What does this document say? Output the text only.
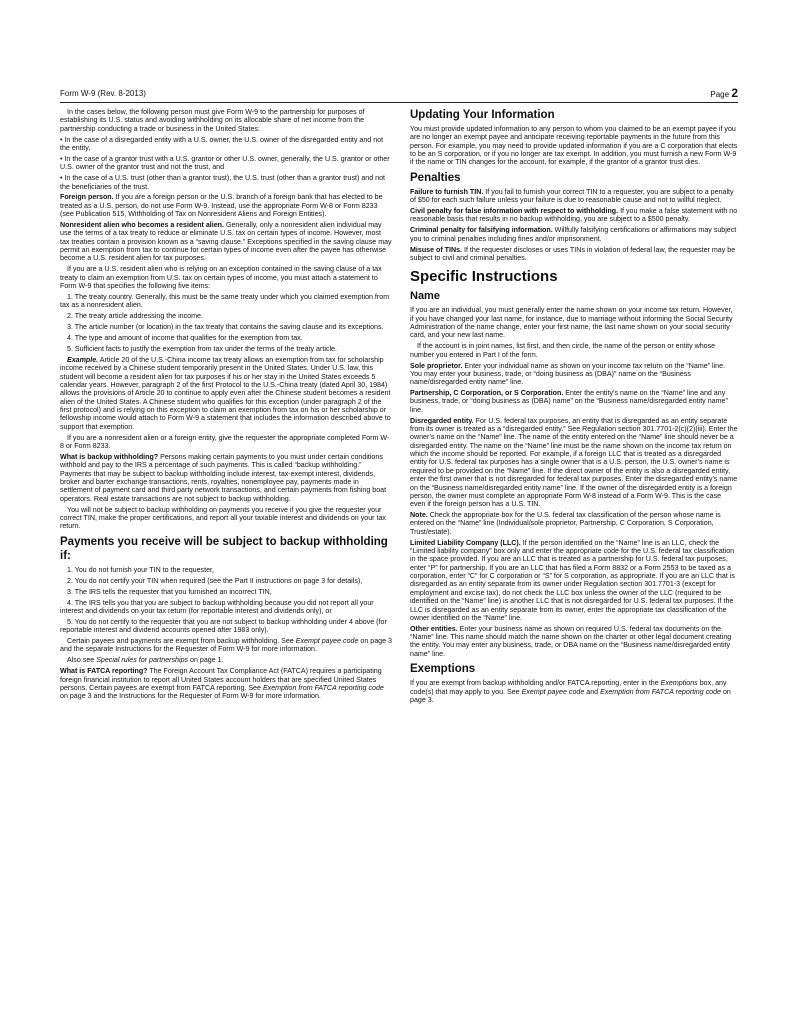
Form W-9 (Rev. 8-2013)	Page 2

In the cases below, the following person must give Form W-9 to the partnership for purposes of establishing its U.S. status and avoiding withholding on its allocable share of net income from the partnership conducting a trade or business in the United States:

• In the case of a disregarded entity with a U.S. owner, the U.S. owner of the disregarded entity and not the entity,

• In the case of a grantor trust with a U.S. grantor or other U.S. owner, generally, the U.S. grantor or other U.S. owner of the grantor trust and not the trust, and

• In the case of a U.S. trust (other than a grantor trust), the U.S. trust (other than a grantor trust) and not the beneficiaries of the trust.

Foreign person. If you are a foreign person or the U.S. branch of a foreign bank that has elected to be treated as a U.S. person, do not use Form W-9. Instead, use the appropriate Form W-8 or Form 8233 (see Publication 515, Withholding of Tax on Nonresident Aliens and Foreign Entities).

Nonresident alien who becomes a resident alien. Generally, only a nonresident alien individual may use the terms of a tax treaty to reduce or eliminate U.S. tax on certain types of income. However, most tax treaties contain a provision known as a “saving clause.” Exceptions specified in the saving clause may permit an exemption from tax to continue for certain types of income even after the payee has otherwise become a U.S. resident alien for tax purposes.

If you are a U.S. resident alien who is relying on an exception contained in the saving clause of a tax treaty to claim an exemption from U.S. tax on certain types of income, you must attach a statement to Form W-9 that specifies the following five items:

1. The treaty country. Generally, this must be the same treaty under which you claimed exemption from tax as a nonresident alien.

2. The treaty article addressing the income.

3. The article number (or location) in the tax treaty that contains the saving clause and its exceptions.

4. The type and amount of income that qualifies for the exemption from tax.

5. Sufficient facts to justify the exemption from tax under the terms of the treaty article.

Example. Article 20 of the U.S.-China income tax treaty allows an exemption from tax for scholarship income received by a Chinese student temporarily present in the United States. Under U.S. law, this student will become a resident alien for tax purposes if his or her stay in the United States exceeds 5 calendar years. However, paragraph 2 of the first Protocol to the U.S.-China treaty (dated April 30, 1984) allows the provisions of Article 20 to continue to apply even after the Chinese student becomes a resident alien of the United States. A Chinese student who qualifies for this exception (under paragraph 2 of the first protocol) and is relying on this exception to claim an exemption from tax on his or her scholarship or fellowship income would attach to Form W-9 a statement that includes the information described above to support that exemption.

If you are a nonresident alien or a foreign entity, give the requester the appropriate completed Form W-8 or Form 8233.

What is backup withholding? Persons making certain payments to you must under certain conditions withhold and pay to the IRS a percentage of such payments. This is called “backup withholding.” Payments that may be subject to backup withholding include interest, tax-exempt interest, dividends, broker and barter exchange transactions, rents, royalties, nonemployee pay, payments made in settlement of payment card and third party network transactions, and certain payments from fishing boat operators. Real estate transactions are not subject to backup withholding.

You will not be subject to backup withholding on payments you receive if you give the requester your correct TIN, make the proper certifications, and report all your taxable interest and dividends on your tax return.

Payments you receive will be subject to backup withholding if:

1. You do not furnish your TIN to the requester,

2. You do not certify your TIN when required (see the Part II instructions on page 3 for details),

3. The IRS tells the requester that you furnished an incorrect TIN,

4. The IRS tells you that you are subject to backup withholding because you did not report all your interest and dividends on your tax return (for reportable interest and dividends only), or

5. You do not certify to the requester that you are not subject to backup withholding under 4 above (for reportable interest and dividend accounts opened after 1983 only).

Certain payees and payments are exempt from backup withholding. See Exempt payee code on page 3 and the separate Instructions for the Requester of Form W-9 for more information.

Also see Special rules for partnerships on page 1.

What is FATCA reporting? The Foreign Account Tax Compliance Act (FATCA) requires a participating foreign financial institution to report all United States account holders that are specified United States persons. Certain payees are exempt from FATCA reporting. See Exemption from FATCA reporting code on page 3 and the Instructions for the Requester of Form W-9 for more information.

Updating Your Information

You must provide updated information to any person to whom you claimed to be an exempt payee if you are no longer an exempt payee and anticipate receiving reportable payments in the future from this person. For example, you may need to provide updated information if you are a C corporation that elects to be an S corporation, or if you no longer are tax exempt. In addition, you must furnish a new Form W-9 if the name or TIN changes for the account, for example, if the grantor of a grantor trust dies.

Penalties

Failure to furnish TIN. If you fail to furnish your correct TIN to a requester, you are subject to a penalty of $50 for each such failure unless your failure is due to reasonable cause and not to willful neglect.

Civil penalty for false information with respect to withholding. If you make a false statement with no reasonable basis that results in no backup withholding, you are subject to a $500 penalty.

Criminal penalty for falsifying information. Willfully falsifying certifications or affirmations may subject you to criminal penalties including fines and/or imprisonment.

Misuse of TINs. If the requester discloses or uses TINs in violation of federal law, the requester may be subject to civil and criminal penalties.

Specific Instructions
Name

If you are an individual, you must generally enter the name shown on your income tax return. However, if you have changed your last name, for instance, due to marriage without informing the Social Security Administration of the name change, enter your first name, the last name shown on your social security card, and your new last name.

If the account is in joint names, list first, and then circle, the name of the person or entity whose number you entered in Part I of the form.

Sole proprietor. Enter your individual name as shown on your income tax return on the “Name” line. You may enter your business, trade, or “doing business as (DBA)” name on the “Business name/disregarded entity name” line.

Partnership, C Corporation, or S Corporation. Enter the entity’s name on the “Name” line and any business, trade, or “doing business as (DBA) name” on the “Business name/disregarded entity name” line.

Disregarded entity. For U.S. federal tax purposes, an entity that is disregarded as an entity separate from its owner is treated as a “disregarded entity.” See Regulation section 301.7701-2(c)(2)(iii). Enter the owner’s name on the “Name” line. The name of the entity entered on the “Name” line should never be a disregarded entity. The name on the “Name” line must be the name shown on the income tax return on which the income should be reported. For example, if a foreign LLC that is treated as a disregarded entity for U.S. federal tax purposes has a single owner that is a U.S. person, the U.S. owner’s name is required to be provided on the “Name” line. If the direct owner of the entity is also a disregarded entity, enter the first owner that is not disregarded for federal tax purposes. Enter the disregarded entity’s name on the “Business name/disregarded entity name” line. If the owner of the disregarded entity is a foreign person, the owner must complete an appropriate Form W-8 instead of a Form W-9. This is the case even if the foreign person has a U.S. TIN.

Note. Check the appropriate box for the U.S. federal tax classification of the person whose name is entered on the “Name” line (Individual/sole proprietor, Partnership, C Corporation, S Corporation, Trust/estate).

Limited Liability Company (LLC). If the person identified on the “Name” line is an LLC, check the “Limited liability company” box only and enter the appropriate code for the U.S. federal tax classification in the space provided. If you are an LLC that is treated as a partnership for U.S. federal tax purposes, enter “P” for partnership. If you are an LLC that has filed a Form 8832 or a Form 2553 to be taxed as a corporation, enter “C” for C corporation or “S” for S corporation, as appropriate. If you are an LLC that is disregarded as an entity separate from its owner under Regulation section 301.7701-3 (except for employment and excise tax), do not check the LLC box unless the owner of the LLC (required to be identified on the “Name” line) is another LLC that is not disregarded for U.S. federal tax purposes. If the LLC is disregarded as an entity separate from its owner, enter the appropriate tax classification of the owner identified on the “Name” line.

Other entities. Enter your business name as shown on required U.S. federal tax documents on the “Name” line. This name should match the name shown on the charter or other legal document creating the entity. You may enter any business, trade, or DBA name on the “Business name/disregarded entity name” line.

Exemptions

If you are exempt from backup withholding and/or FATCA reporting, enter in the Exemptions box, any code(s) that may apply to you. See Exempt payee code and Exemption from FATCA reporting code on page 3.
